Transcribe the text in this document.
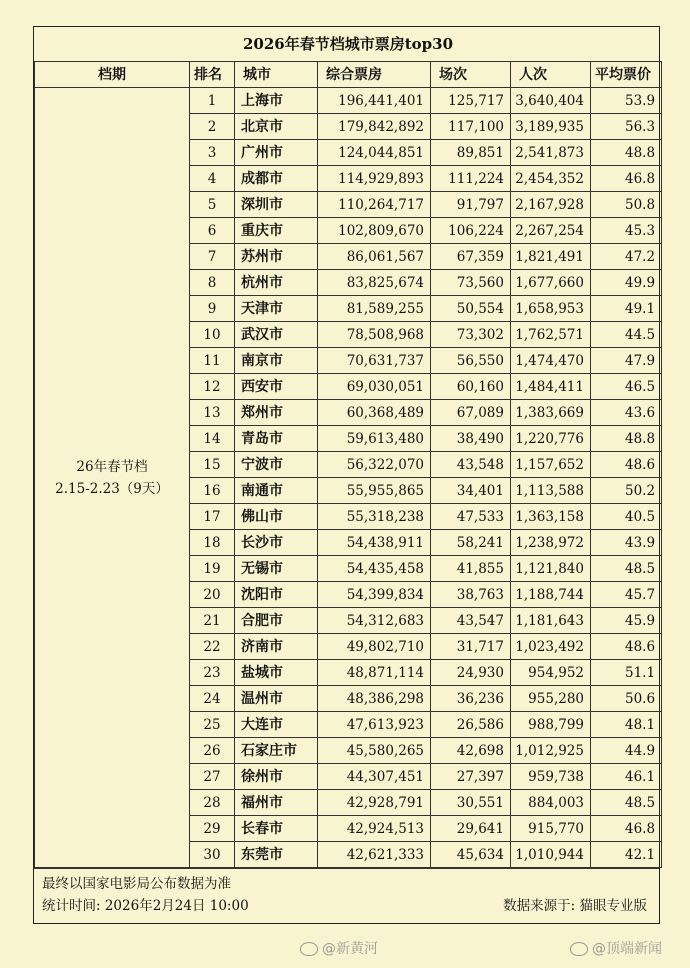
2026年春节档城市票房top30						
档期	排名	城市	综合票房	场次	人次	平均票价

26年春节档
2.15-2.23（9天）	1	上海市	196,441,401	125,717	3,640,404	53.9
	2	北京市	179,842,892	117,100	3,189,935	56.3
	3	广州市	124,044,851	89,851	2,541,873	48.8
	4	成都市	114,929,893	111,224	2,454,352	46.8
	5	深圳市	110,264,717	91,797	2,167,928	50.8
	6	重庆市	102,809,670	106,224	2,267,254	45.3
	7	苏州市	86,061,567	67,359	1,821,491	47.2
	8	杭州市	83,825,674	73,560	1,677,660	49.9
	9	天津市	81,589,255	50,554	1,658,953	49.1
	10	武汉市	78,508,968	73,302	1,762,571	44.5
	11	南京市	70,631,737	56,550	1,474,470	47.9
	12	西安市	69,030,051	60,160	1,484,411	46.5
	13	郑州市	60,368,489	67,089	1,383,669	43.6
	14	青岛市	59,613,480	38,490	1,220,776	48.8
	15	宁波市	56,322,070	43,548	1,157,652	48.6
	16	南通市	55,955,865	34,401	1,113,588	50.2
	17	佛山市	55,318,238	47,533	1,363,158	40.5
	18	长沙市	54,438,911	58,241	1,238,972	43.9
	19	无锡市	54,435,458	41,855	1,121,840	48.5
	20	沈阳市	54,399,834	38,763	1,188,744	45.7
	21	合肥市	54,312,683	43,547	1,181,643	45.9
	22	济南市	49,802,710	31,717	1,023,492	48.6
	23	盐城市	48,871,114	24,930	954,952	51.1
	24	温州市	48,386,298	36,236	955,280	50.6
	25	大连市	47,613,923	26,586	988,799	48.1
	26	石家庄市	45,580,265	42,698	1,012,925	44.9
	27	徐州市	44,307,451	27,397	959,738	46.1
	28	福州市	42,928,791	30,551	884,003	48.5
	29	长春市	42,924,513	29,641	915,770	46.8
	30	东莞市	42,621,333	45,634	1,010,944	42.1
最终以国家电影局公布数据为准
统计时间: 2026年2月24日 10:00	数据来源于: 猫眼专业版
@新黄河	@顶端新闻
